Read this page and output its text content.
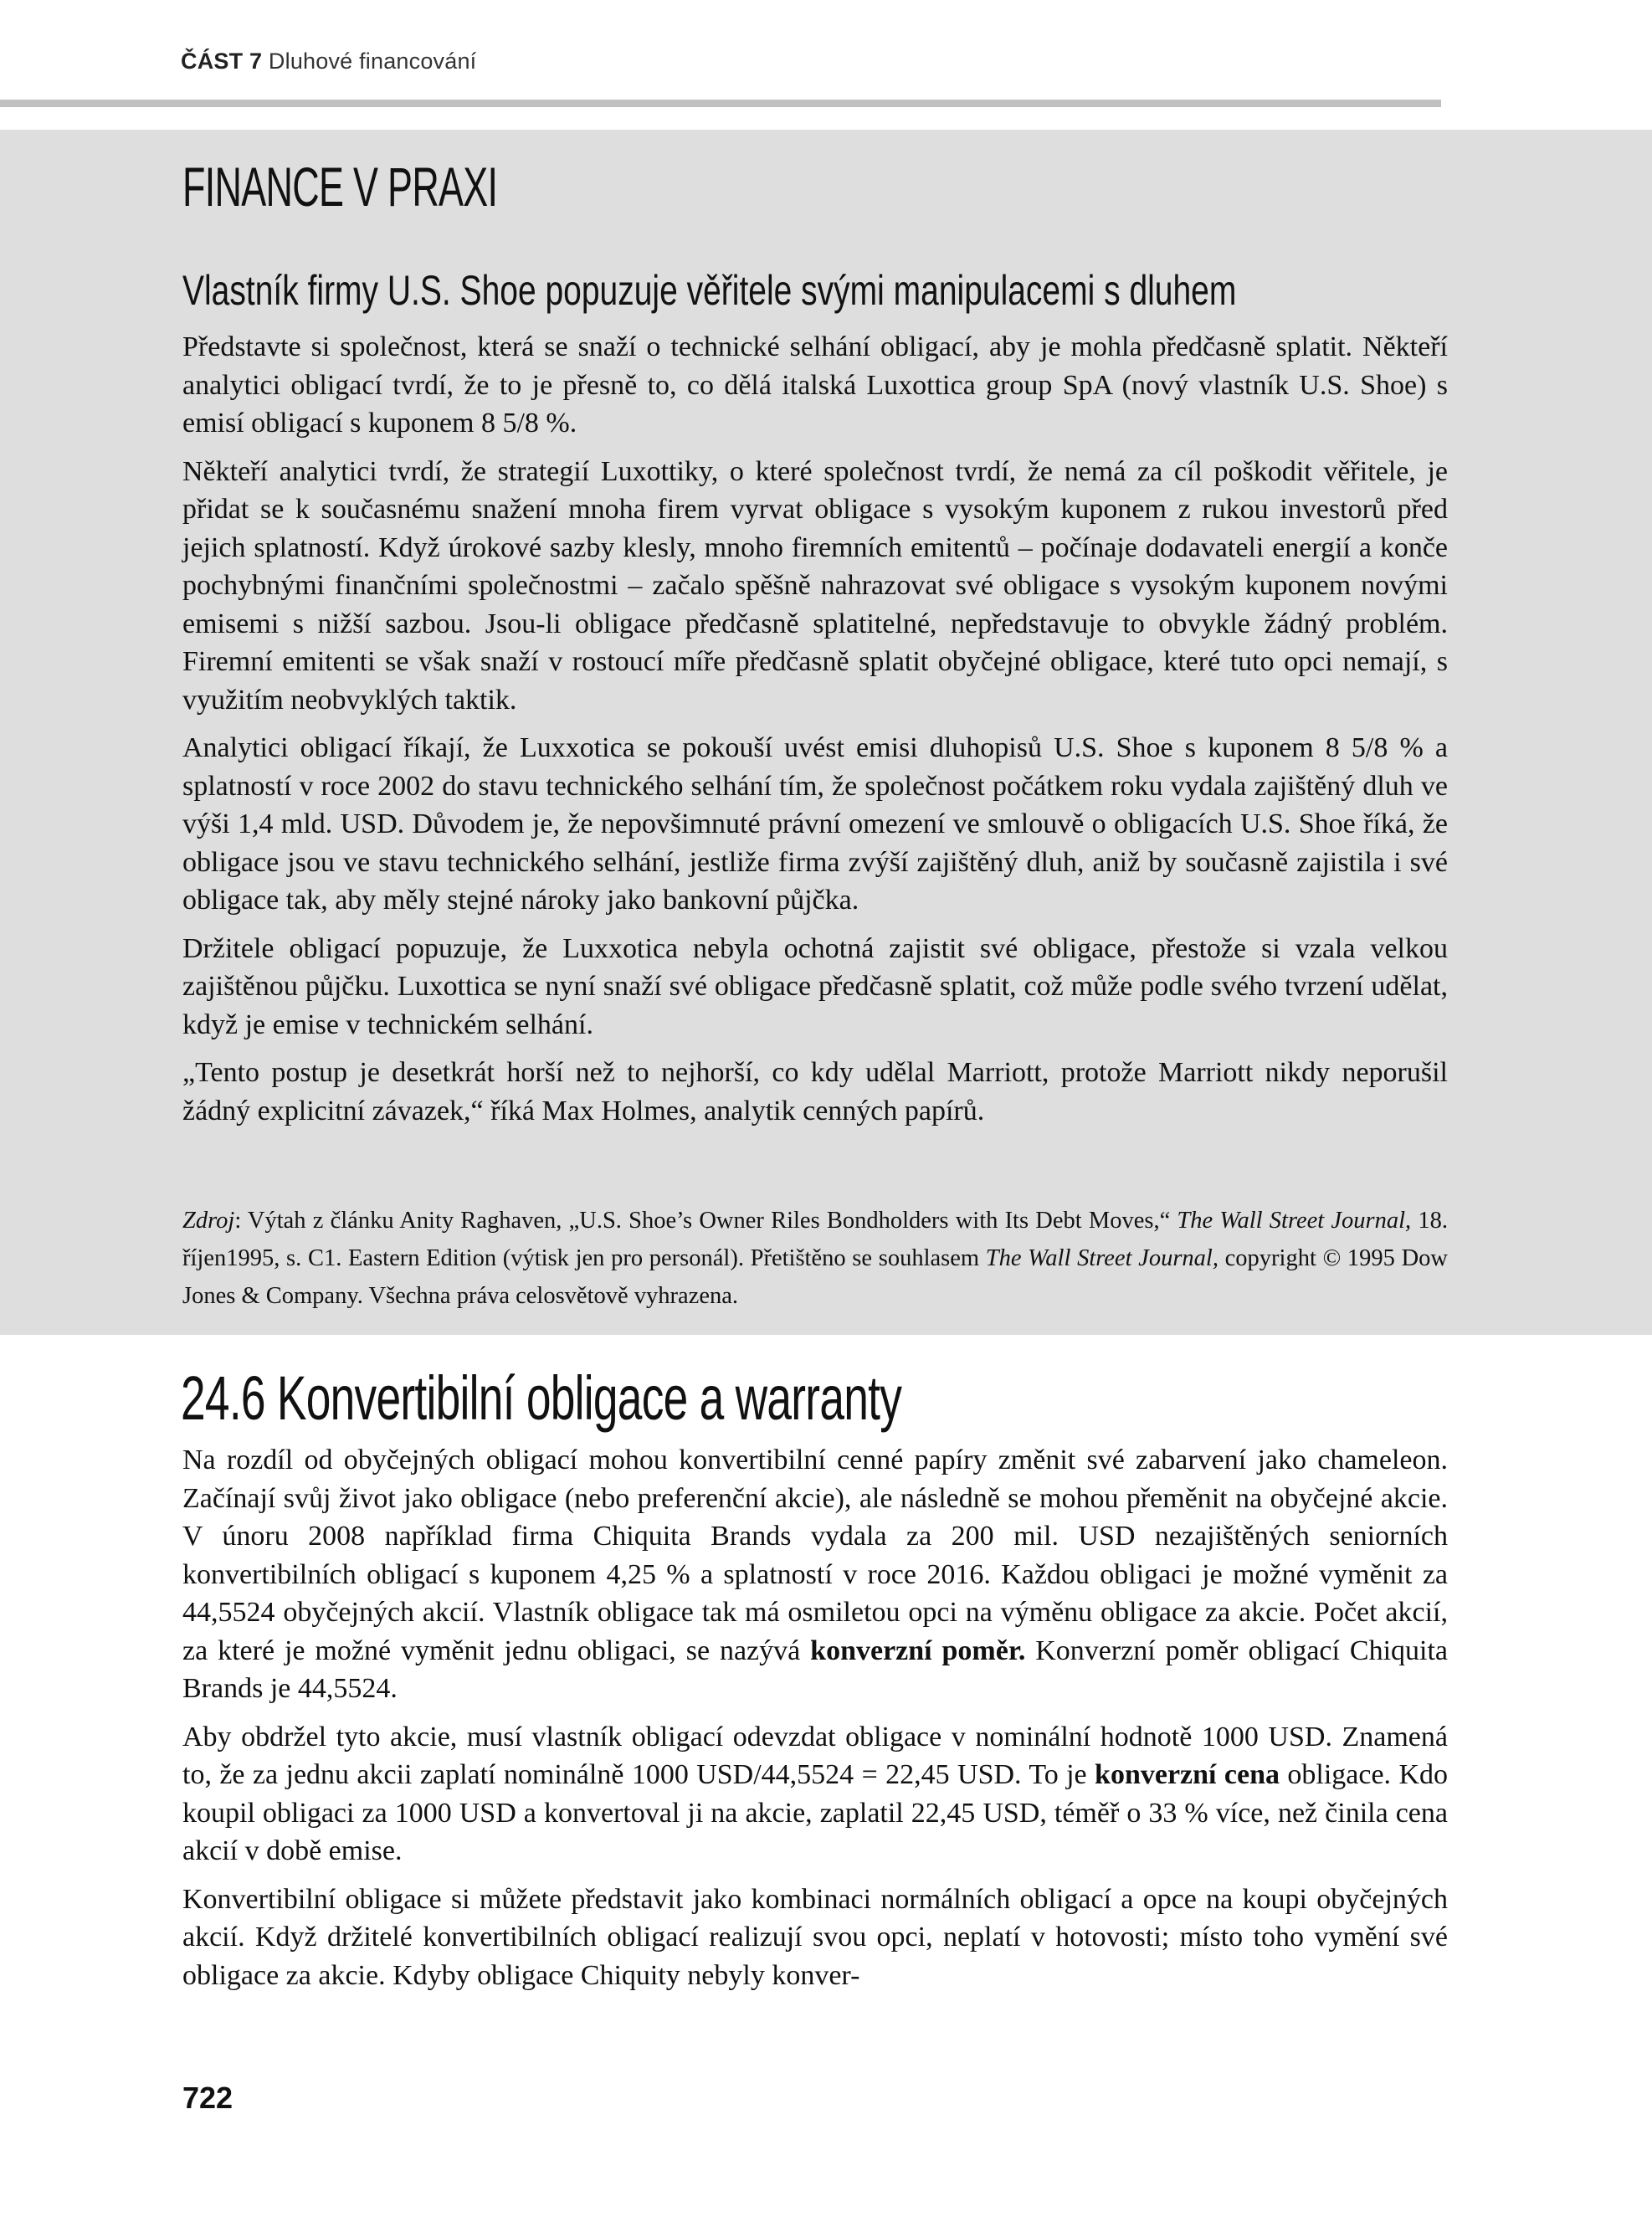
ČÁST 7 Dluhové financování
FINANCE V PRAXI
Vlastník firmy U.S. Shoe popuzuje věřitele svými manipulacemi s dluhem

Představte si společnost, která se snaží o technické selhání obligací, aby je mohla předčasně splatit. Někteří analytici obligací tvrdí, že to je přesně to, co dělá italská Luxottica group SpA (nový vlastník U.S. Shoe) s emisí obligací s kuponem 8 5/8 %.

Někteří analytici tvrdí, že strategií Luxottiky, o které společnost tvrdí, že nemá za cíl poškodit věřitele, je přidat se k současnému snažení mnoha firem vyrvat obligace s vysokým kuponem z rukou investorů před jejich splatností. Když úrokové sazby klesly, mnoho firemních emitentů – počínaje dodavateli energií a konče pochybnými finančními společnostmi – začalo spěšně nahrazovat své obligace s vysokým kuponem novými emisemi s nižší sazbou. Jsou-li obligace předčasně splatitelné, nepředstavuje to obvykle žádný problém. Firemní emitenti se však snaží v rostoucí míře předčasně splatit obyčejné obligace, které tuto opci nemají, s využitím neobvyklých taktik.

Analytici obligací říkají, že Luxxotica se pokouší uvést emisi dluhopisů U.S. Shoe s kuponem 8 5/8 % a splatností v roce 2002 do stavu technického selhání tím, že společnost počátkem roku vydala zajištěný dluh ve výši 1,4 mld. USD. Důvodem je, že nepovšimnuté právní omezení ve smlouvě o obligacích U.S. Shoe říká, že obligace jsou ve stavu technického selhání, jestliže firma zvýší zajištěný dluh, aniž by současně zajistila i své obligace tak, aby měly stejné nároky jako bankovní půjčka.

Držitele obligací popuzuje, že Luxxotica nebyla ochotná zajistit své obligace, přestože si vzala velkou zajištěnou půjčku. Luxottica se nyní snaží své obligace předčasně splatit, což může podle svého tvrzení udělat, když je emise v technickém selhání.

„Tento postup je desetkrát horší než to nejhorší, co kdy udělal Marriott, protože Marriott nikdy neporušil žádný explicitní závazek,“ říká Max Holmes, analytik cenných papírů.

Zdroj: Výtah z článku Anity Raghaven, „U.S. Shoe’s Owner Riles Bondholders with Its Debt Moves,“ The Wall Street Journal, 18. říjen1995, s. C1. Eastern Edition (výtisk jen pro personál). Přetištěno se souhlasem The Wall Street Journal, copyright © 1995 Dow Jones & Company. Všechna práva celosvětově vyhrazena.
24.6 Konvertibilní obligace a warranty

Na rozdíl od obyčejných obligací mohou konvertibilní cenné papíry změnit své zabarvení jako chameleon. Začínají svůj život jako obligace (nebo preferenční akcie), ale následně se mohou přeměnit na obyčejné akcie. V únoru 2008 například firma Chiquita Brands vydala za 200 mil. USD nezajištěných seniorních konvertibilních obligací s kuponem 4,25 % a splatností v roce 2016. Každou obligaci je možné vyměnit za 44,5524 obyčejných akcií. Vlastník obligace tak má osmiletou opci na výměnu obligace za akcie. Počet akcií, za které je možné vyměnit jednu obligaci, se nazývá konverzní poměr. Konverzní poměr obligací Chiquita Brands je 44,5524.

Aby obdržel tyto akcie, musí vlastník obligací odevzdat obligace v nominální hodnotě 1000 USD. Znamená to, že za jednu akcii zaplatí nominálně 1000 USD/44,5524 = 22,45 USD. To je konverzní cena obligace. Kdo koupil obligaci za 1000 USD a konvertoval ji na akcie, zaplatil 22,45 USD, téměř o 33 % více, než činila cena akcií v době emise.

Konvertibilní obligace si můžete představit jako kombinaci normálních obligací a opce na koupi obyčejných akcií. Když držitelé konvertibilních obligací realizují svou opci, neplatí v hotovosti; místo toho vymění své obligace za akcie. Kdyby obligace Chiquity nebyly konver-

722
